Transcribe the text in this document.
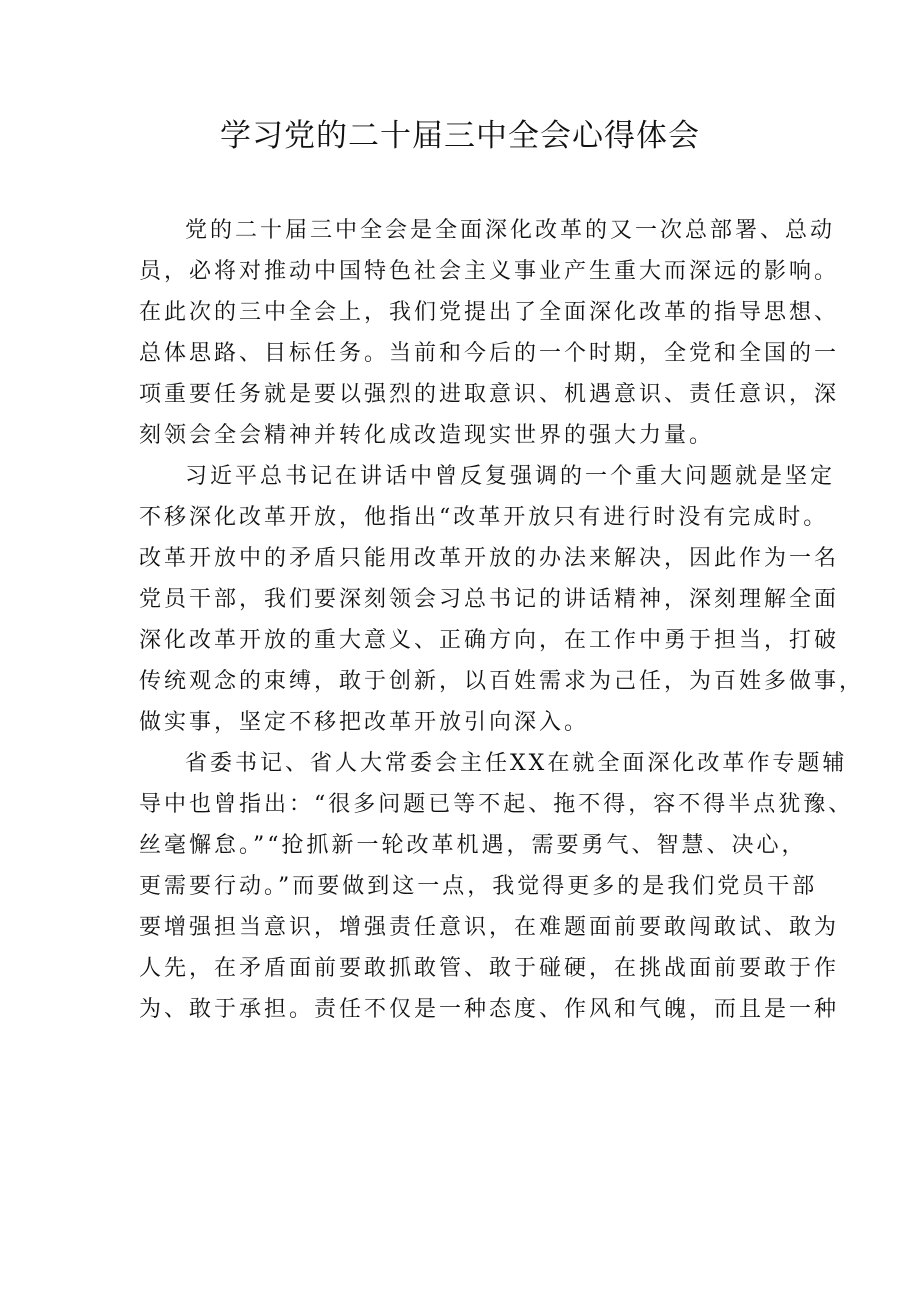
学习党的二十届三中全会心得体会
党的二十届三中全会是全面深化改革的又一次总部署、总动
员，必将对推动中国特色社会主义事业产生重大而深远的影响。
在此次的三中全会上，我们党提出了全面深化改革的指导思想、
总体思路、目标任务。当前和今后的一个时期，全党和全国的一
项重要任务就是要以强烈的进取意识、机遇意识、责任意识，深
刻领会全会精神并转化成改造现实世界的强大力量。
习近平总书记在讲话中曾反复强调的一个重大问题就是坚定
不移深化改革开放，他指出“改革开放只有进行时没有完成时。
改革开放中的矛盾只能用改革开放的办法来解决，因此作为一名
党员干部，我们要深刻领会习总书记的讲话精神，深刻理解全面
深化改革开放的重大意义、正确方向，在工作中勇于担当，打破
传统观念的束缚，敢于创新，以百姓需求为己任，为百姓多做事，
做实事，坚定不移把改革开放引向深入。
省委书记、省人大常委会主任XX在就全面深化改革作专题辅
导中也曾指出：“很多问题已等不起、拖不得，容不得半点犹豫、
丝毫懈怠。”“抢抓新一轮改革机遇，需要勇气、智慧、决心，
更需要行动。”而要做到这一点，我觉得更多的是我们党员干部
要增强担当意识，增强责任意识，在难题面前要敢闯敢试、敢为
人先，在矛盾面前要敢抓敢管、敢于碰硬，在挑战面前要敢于作
为、敢于承担。责任不仅是一种态度、作风和气魄，而且是一种
